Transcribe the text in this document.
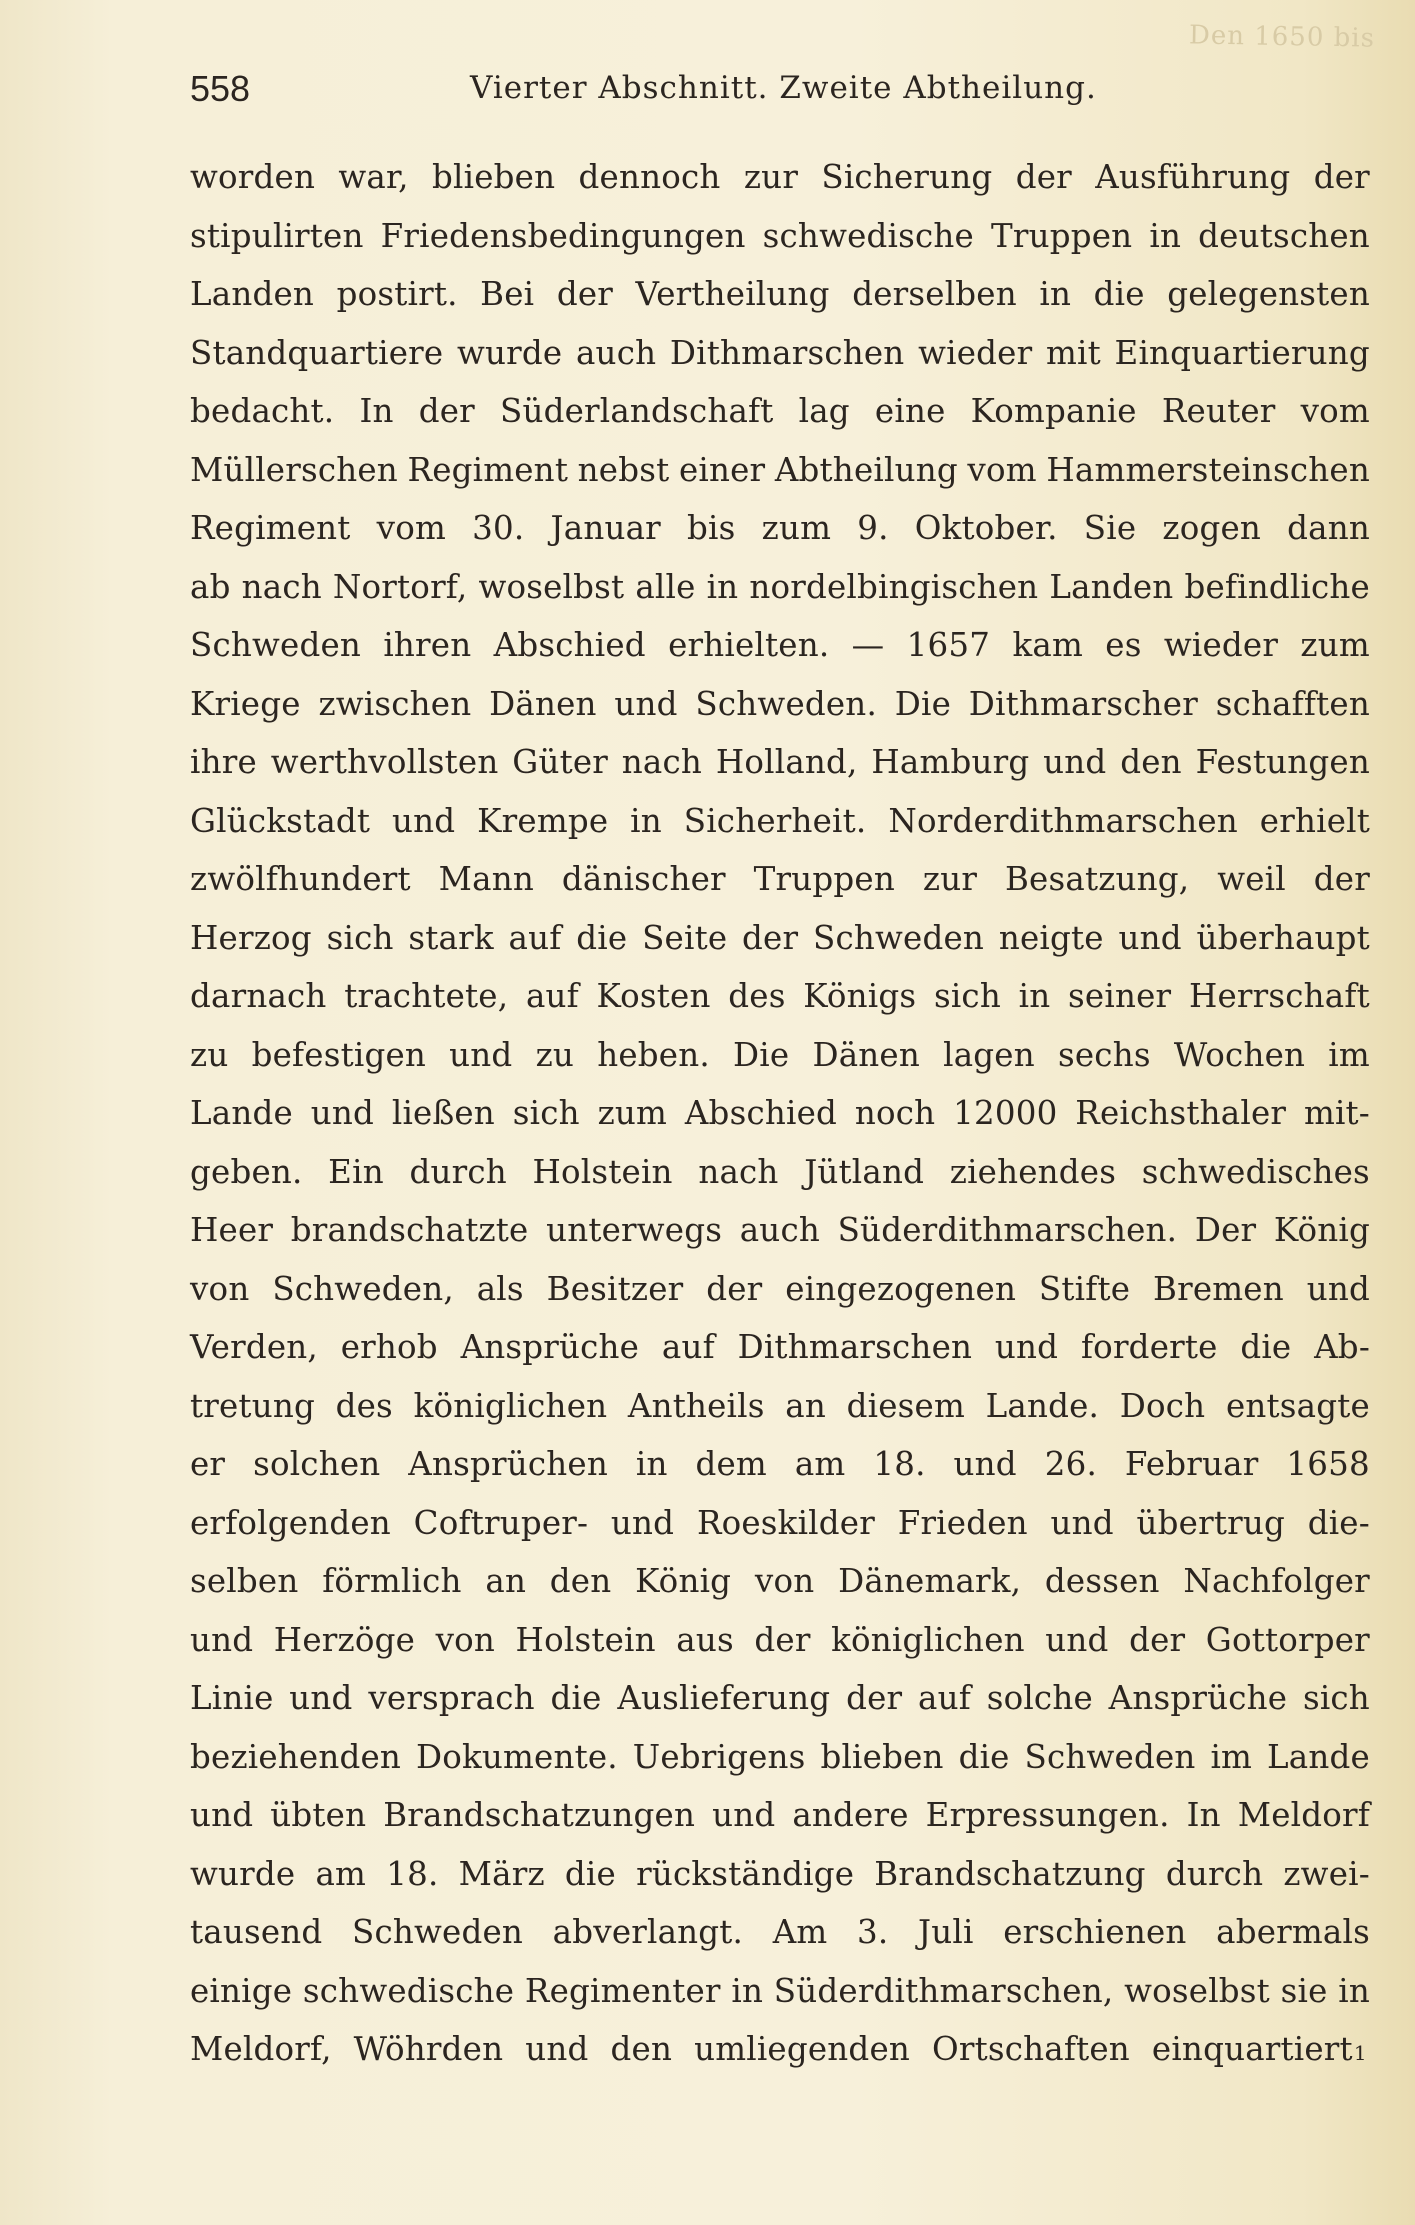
Den 1650 bis
558	Vierter Abschnitt. Zweite Abtheilung.
worden war, blieben dennoch zur Sicherung der Ausführung der
stipulirten Friedensbedingungen schwedische Truppen in deutschen
Landen postirt. Bei der Vertheilung derselben in die gelegensten
Standquartiere wurde auch Dithmarschen wieder mit Einquartierung
bedacht. In der Süderlandschaft lag eine Kompanie Reuter vom
Müllerschen Regiment nebst einer Abtheilung vom Hammersteinschen
Regiment vom 30. Januar bis zum 9. Oktober. Sie zogen dann
ab nach Nortorf, woselbst alle in nordelbingischen Landen befindliche
Schweden ihren Abschied erhielten. — 1657 kam es wieder zum
Kriege zwischen Dänen und Schweden. Die Dithmarscher schafften
ihre werthvollsten Güter nach Holland, Hamburg und den Festungen
Glückstadt und Krempe in Sicherheit. Norderdithmarschen erhielt
zwölfhundert Mann dänischer Truppen zur Besatzung, weil der
Herzog sich stark auf die Seite der Schweden neigte und überhaupt
darnach trachtete, auf Kosten des Königs sich in seiner Herrschaft
zu befestigen und zu heben. Die Dänen lagen sechs Wochen im
Lande und ließen sich zum Abschied noch 12000 Reichsthaler mit-
geben. Ein durch Holstein nach Jütland ziehendes schwedisches
Heer brandschatzte unterwegs auch Süderdithmarschen. Der König
von Schweden, als Besitzer der eingezogenen Stifte Bremen und
Verden, erhob Ansprüche auf Dithmarschen und forderte die Ab-
tretung des königlichen Antheils an diesem Lande. Doch entsagte
er solchen Ansprüchen in dem am 18. und 26. Februar 1658
erfolgenden Coftruper- und Roeskilder Frieden und übertrug die-
selben förmlich an den König von Dänemark, dessen Nachfolger
und Herzöge von Holstein aus der königlichen und der Gottorper
Linie und versprach die Auslieferung der auf solche Ansprüche sich
beziehenden Dokumente. Uebrigens blieben die Schweden im Lande
und übten Brandschatzungen und andere Erpressungen. In Meldorf
wurde am 18. März die rückständige Brandschatzung durch zwei-
tausend Schweden abverlangt. Am 3. Juli erschienen abermals
einige schwedische Regimenter in Süderdithmarschen, woselbst sie in
Meldorf, Wöhrden und den umliegenden Ortschaften einquartiert 1
